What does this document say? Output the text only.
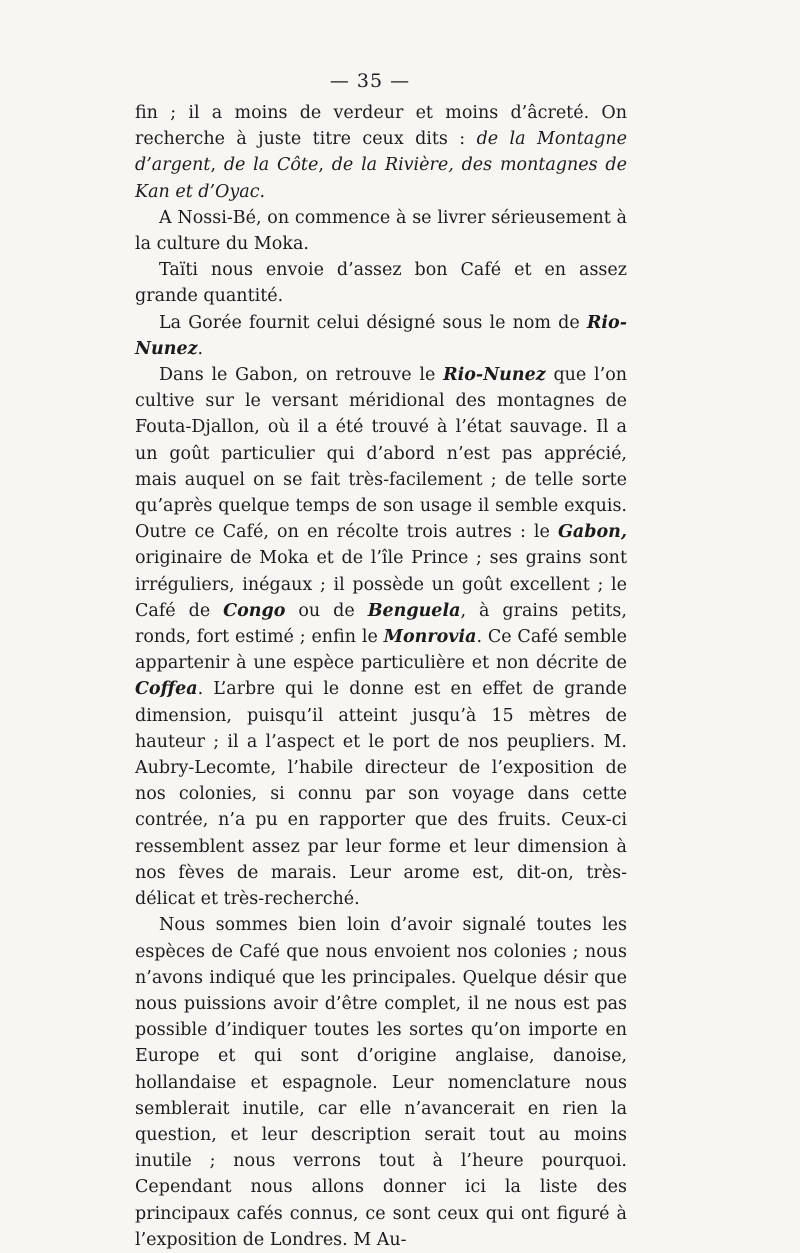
— 35 —

fin ; il a moins de verdeur et moins d’âcreté. On recherche à juste titre ceux dits : de la Montagne d’argent, de la Côte, de la Rivière, des montagnes de Kan et d’Oyac.

A Nossi-Bé, on commence à se livrer sérieusement à la culture du Moka.

Taïti nous envoie d’assez bon Café et en assez grande quantité.

La Gorée fournit celui désigné sous le nom de Rio-Nunez.

Dans le Gabon, on retrouve le Rio-Nunez que l’on cultive sur le versant méridional des montagnes de Fouta-Djallon, où il a été trouvé à l’état sauvage. Il a un goût particulier qui d’abord n’est pas apprécié, mais auquel on se fait très-facilement ; de telle sorte qu’après quelque temps de son usage il semble exquis. Outre ce Café, on en récolte trois autres : le Gabon, originaire de Moka et de l’île Prince ; ses grains sont irréguliers, inégaux ; il possède un goût excellent ; le Café de Congo ou de Benguela, à grains petits, ronds, fort estimé ; enfin le Monrovia. Ce Café semble appartenir à une espèce particulière et non décrite de Coffea. L’arbre qui le donne est en effet de grande dimension, puisqu’il atteint jusqu’à 15 mètres de hauteur ; il a l’aspect et le port de nos peupliers. M. Aubry-Lecomte, l’habile directeur de l’exposition de nos colonies, si connu par son voyage dans cette contrée, n’a pu en rapporter que des fruits. Ceux-ci ressemblent assez par leur forme et leur dimension à nos fèves de marais. Leur arome est, dit-on, très-délicat et très-recherché.

Nous sommes bien loin d’avoir signalé toutes les espèces de Café que nous envoient nos colonies ; nous n’avons indiqué que les principales. Quelque désir que nous puissions avoir d’être complet, il ne nous est pas possible d’indiquer toutes les sortes qu’on importe en Europe et qui sont d’origine anglaise, danoise, hollandaise et espagnole. Leur nomenclature nous semblerait inutile, car elle n’avancerait en rien la question, et leur description serait tout au moins inutile ; nous verrons tout à l’heure pourquoi. Cependant nous allons donner ici la liste des principaux cafés connus, ce sont ceux qui ont figuré à l’exposition de Londres. M Au-
